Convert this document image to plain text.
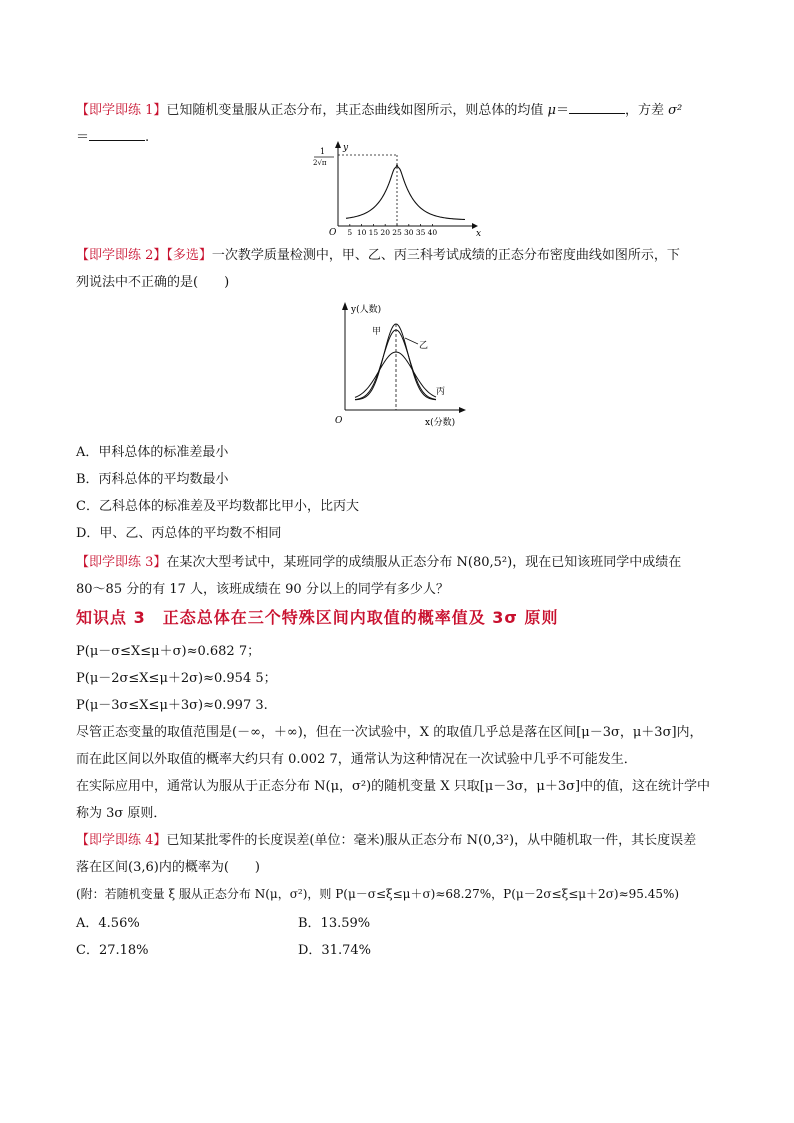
【即学即练 1】已知随机变量服从正态分布，其正态曲线如图所示，则总体的均值 μ＝	，方差 σ²
＝	.
y
x
O
1
2√π
5 10 15 20 25 30 35 40
【即学即练 2】【多选】一次教学质量检测中，甲、乙、丙三科考试成绩的正态分布密度曲线如图所示，下
列说法中不正确的是(　　)
y(人数)
x(分数)
O
甲
乙
丙
A．甲科总体的标准差最小
B．丙科总体的平均数最小
C．乙科总体的标准差及平均数都比甲小，比丙大
D．甲、乙、丙总体的平均数不相同
【即学即练 3】在某次大型考试中，某班同学的成绩服从正态分布 N(80,5²)，现在已知该班同学中成绩在
80～85 分的有 17 人，该班成绩在 90 分以上的同学有多少人？
知识点 3　正态总体在三个特殊区间内取值的概率值及 3σ 原则
P(μ－σ≤X≤μ＋σ)≈0.682 7；
P(μ－2σ≤X≤μ＋2σ)≈0.954 5；
P(μ－3σ≤X≤μ＋3σ)≈0.997 3.
尽管正态变量的取值范围是(－∞，＋∞)，但在一次试验中，X 的取值几乎总是落在区间[μ－3σ，μ＋3σ]内，
而在此区间以外取值的概率大约只有 0.002 7，通常认为这种情况在一次试验中几乎不可能发生．
在实际应用中，通常认为服从于正态分布 N(μ，σ²)的随机变量 X 只取[μ－3σ，μ＋3σ]中的值，这在统计学中
称为 3σ 原则．
【即学即练 4】已知某批零件的长度误差(单位：毫米)服从正态分布 N(0,3²)，从中随机取一件，其长度误差
落在区间(3,6)内的概率为(　　)
(附：若随机变量 ξ 服从正态分布 N(μ，σ²)，则 P(μ－σ≤ξ≤μ＋σ)≈68.27%，P(μ－2σ≤ξ≤μ＋2σ)≈95.45%)
A．4.56%	B．13.59%
C．27.18%	D．31.74%
